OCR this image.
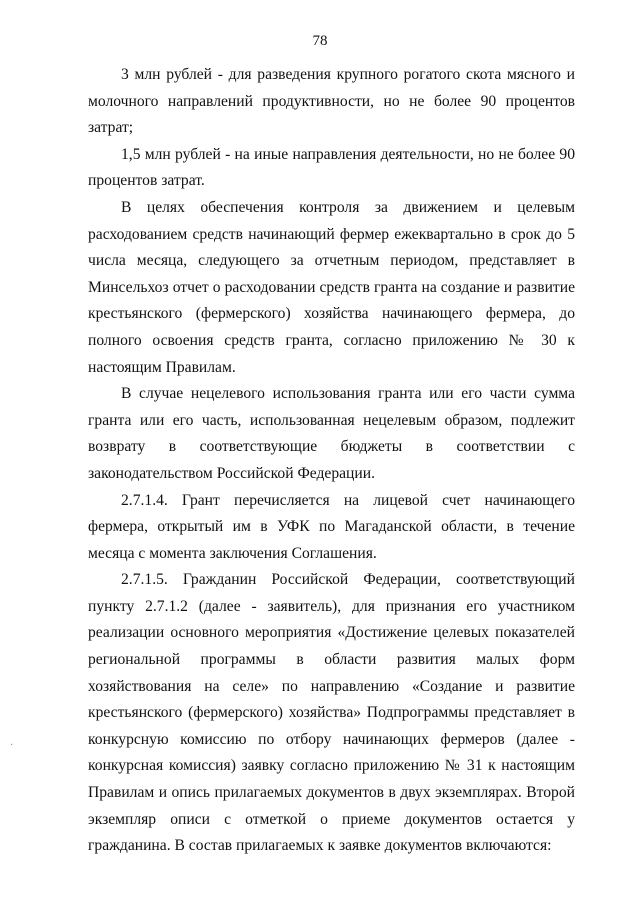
78

3 млн рублей - для разведения крупного рогатого скота мясного и молочного направлений продуктивности, но не более 90 процентов затрат;

1,5 млн рублей - на иные направления деятельности, но не более 90 процентов затрат.

В целях обеспечения контроля за движением и целевым расходованием средств начинающий фермер ежеквартально в срок до 5 числа месяца, следующего за отчетным периодом, представляет в Минсельхоз отчет о расходовании средств гранта на создание и развитие крестьянского (фермерского) хозяйства начинающего фермера, до полного освоения средств гранта, согласно приложению № 30 к настоящим Правилам.

В случае нецелевого использования гранта или его части сумма гранта или его часть, использованная нецелевым образом, подлежит возврату в соответствующие бюджеты в соответствии с законодательством Российской Федерации.

2.7.1.4. Грант перечисляется на лицевой счет начинающего фермера, открытый им в УФК по Магаданской области, в течение месяца с момента заключения Соглашения.

2.7.1.5. Гражданин Российской Федерации, соответствующий пункту 2.7.1.2 (далее - заявитель), для признания его участником реализации основного мероприятия «Достижение целевых показателей региональной программы в области развития малых форм хозяйствования на селе» по направлению «Создание и развитие крестьянского (фермерского) хозяйства» Подпрограммы представляет в конкурсную комиссию по отбору начинающих фермеров (далее - конкурсная комиссия) заявку согласно приложению № 31 к настоящим Правилам и опись прилагаемых документов в двух экземплярах. Второй экземпляр описи с отметкой о приеме документов остается у гражданина. В состав прилагаемых к заявке документов включаются:

·
